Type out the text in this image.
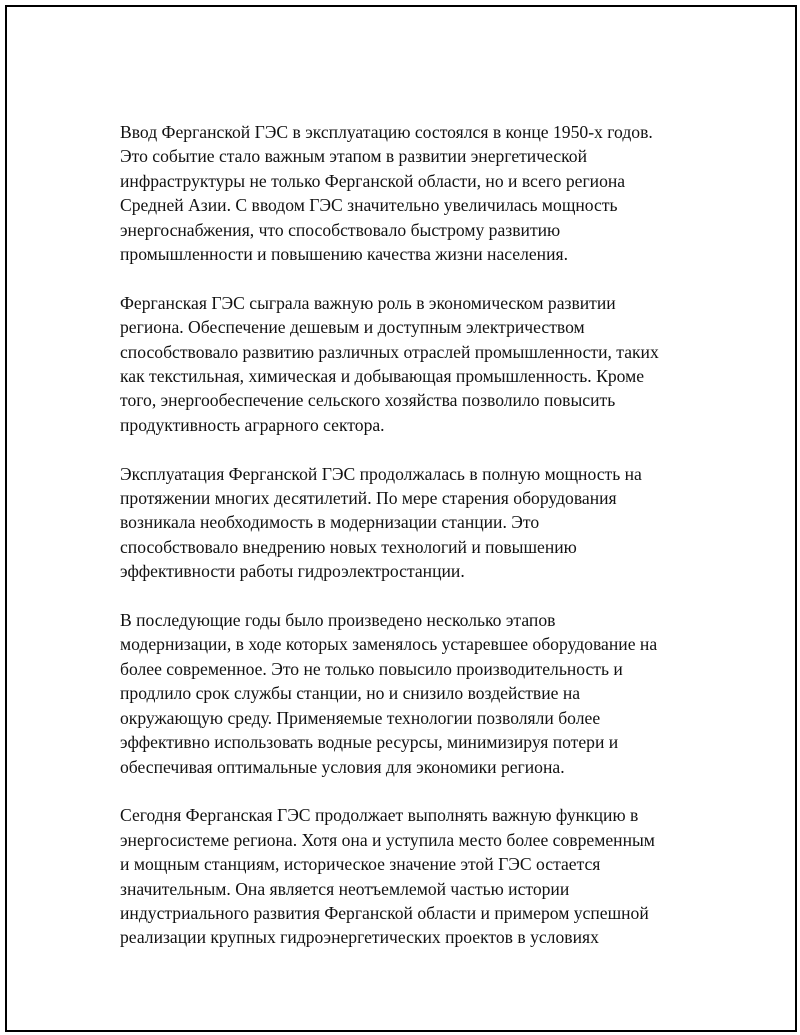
Ввод Ферганской ГЭС в эксплуатацию состоялся в конце 1950-х годов.
Это событие стало важным этапом в развитии энергетической
инфраструктуры не только Ферганской области, но и всего региона
Средней Азии. С вводом ГЭС значительно увеличилась мощность
энергоснабжения, что способствовало быстрому развитию
промышленности и повышению качества жизни населения.

Ферганская ГЭС сыграла важную роль в экономическом развитии
региона. Обеспечение дешевым и доступным электричеством
способствовало развитию различных отраслей промышленности, таких
как текстильная, химическая и добывающая промышленность. Кроме
того, энергообеспечение сельского хозяйства позволило повысить
продуктивность аграрного сектора.

Эксплуатация Ферганской ГЭС продолжалась в полную мощность на
протяжении многих десятилетий. По мере старения оборудования
возникала необходимость в модернизации станции. Это
способствовало внедрению новых технологий и повышению
эффективности работы гидроэлектростанции.

В последующие годы было произведено несколько этапов
модернизации, в ходе которых заменялось устаревшее оборудование на
более современное. Это не только повысило производительность и
продлило срок службы станции, но и снизило воздействие на
окружающую среду. Применяемые технологии позволяли более
эффективно использовать водные ресурсы, минимизируя потери и
обеспечивая оптимальные условия для экономики региона.

Сегодня Ферганская ГЭС продолжает выполнять важную функцию в
энергосистеме региона. Хотя она и уступила место более современным
и мощным станциям, историческое значение этой ГЭС остается
значительным. Она является неотъемлемой частью истории
индустриального развития Ферганской области и примером успешной
реализации крупных гидроэнергетических проектов в условиях
